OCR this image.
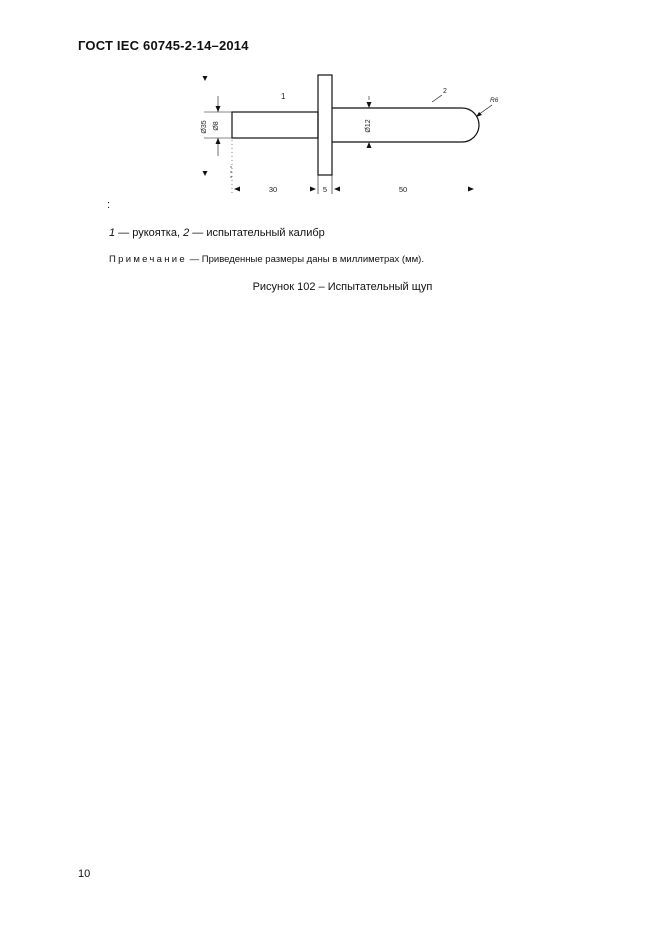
ГОСТ IEC 60745-2-14–2014
Ø35 Ø8	Ø12
1
2
R6
30	5	50
:
1 — рукоятка, 2 — испытательный калибр
Примечание — Приведенные размеры даны в миллиметрах (мм).
Рисунок 102 – Испытательный щуп
10
